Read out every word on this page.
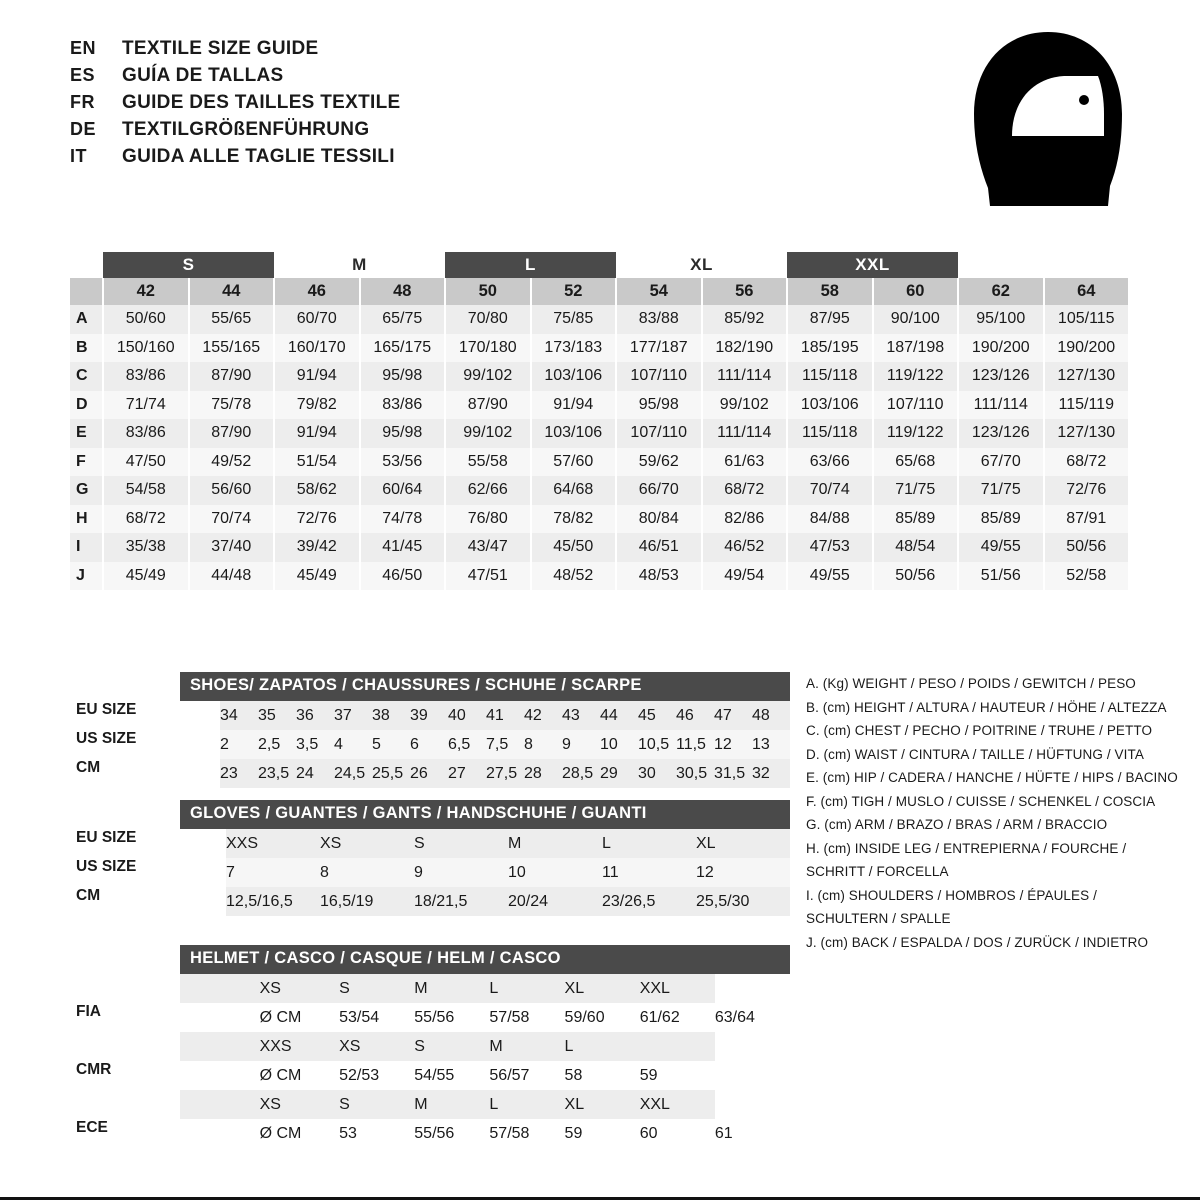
EN	TEXTILE SIZE GUIDE
ES	GUÍA DE TALLAS
FR	GUIDE DES TAILLES TEXTILE
DE	TEXTILGRÖßENFÜHRUNG
IT	GUIDA ALLE TAGLIE TESSILI
	S		M		L		XL		XXL			
	42	44	46	48	50	52	54	56	58	60	62	64
A	50/60	55/65	60/70	65/75	70/80	75/85	83/88	85/92	87/95	90/100	95/100	105/115
B	150/160	155/165	160/170	165/175	170/180	173/183	177/187	182/190	185/195	187/198	190/200	190/200
C	83/86	87/90	91/94	95/98	99/102	103/106	107/110	111/114	115/118	119/122	123/126	127/130
D	71/74	75/78	79/82	83/86	87/90	91/94	95/98	99/102	103/106	107/110	111/114	115/119
E	83/86	87/90	91/94	95/98	99/102	103/106	107/110	111/114	115/118	119/122	123/126	127/130
F	47/50	49/52	51/54	53/56	55/58	57/60	59/62	61/63	63/66	65/68	67/70	68/72
G	54/58	56/60	58/62	60/64	62/66	64/68	66/70	68/72	70/74	71/75	71/75	72/76
H	68/72	70/74	72/76	74/78	76/80	78/82	80/84	82/86	84/88	85/89	85/89	87/91
I	35/38	37/40	39/42	41/45	43/47	45/50	46/51	46/52	47/53	48/54	49/55	50/56
J	45/49	44/48	45/49	46/50	47/51	48/52	48/53	49/54	49/55	50/56	51/56	52/58
SHOES/ ZAPATOS / CHAUSSURES / SCHUHE / SCARPE
EU SIZE	34	35	36	37	38	39	40	41	42	43	44	45	46	47	48

US SIZE	2	2,5	3,5	4	5	6	6,5	7,5	8	9	10	10,5	11,5	12	13

CM	23	23,5	24	24,5	25,5	26	27	27,5	28	28,5	29	30	30,5	31,5	32
GLOVES / GUANTES / GANTS / HANDSCHUHE / GUANTI
EU SIZE	XXS	XS	S	M	L	XL

US SIZE	7	8	9	10	11	12

CM	12,5/16,5	16,5/19	18/21,5	20/24	23/26,5	25,5/30
HELMET / CASCO / CASQUE / HELM / CASCO
	XS	S	M	L	XL	XXL	

FIA	Ø CM	53/54	55/56	57/58	59/60	61/62	63/64
	XXS	XS	S	M	L		

CMR	Ø CM	52/53	54/55	56/57	58	59	
	XS	S	M	L	XL	XXL	

ECE	Ø CM	53	55/56	57/58	59	60	61
A. (Kg) WEIGHT / PESO / POIDS / GEWITCH / PESO
B. (cm) HEIGHT / ALTURA / HAUTEUR / HÖHE / ALTEZZA
C. (cm) CHEST / PECHO / POITRINE / TRUHE / PETTO
D. (cm) WAIST / CINTURA / TAILLE / HÜFTUNG / VITA
E. (cm) HIP / CADERA / HANCHE / HÜFTE / HIPS / BACINO
F. (cm) TIGH / MUSLO / CUISSE / SCHENKEL / COSCIA
G. (cm) ARM / BRAZO / BRAS / ARM / BRACCIO
H. (cm) INSIDE LEG / ENTREPIERNA / FOURCHE /
SCHRITT / FORCELLA
I. (cm) SHOULDERS / HOMBROS / ÉPAULES /
SCHULTERN / SPALLE
J. (cm) BACK / ESPALDA / DOS / ZURÜCK / INDIETRO
